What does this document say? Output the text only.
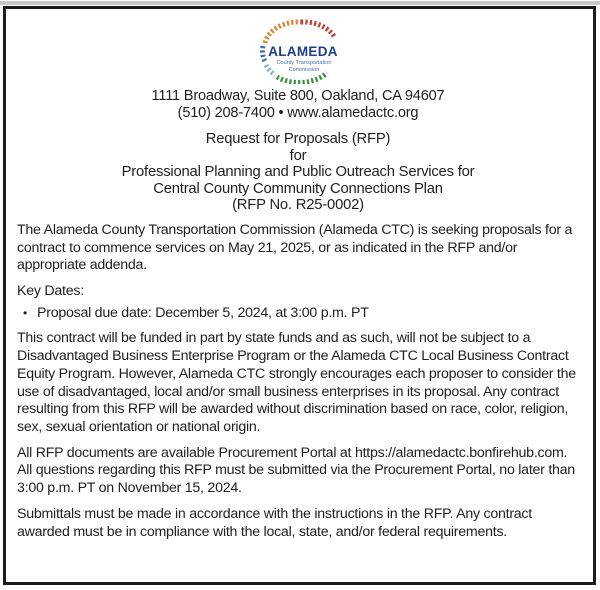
ALAMEDA
County Transportation
Commission
1111 Broadway, Suite 800, Oakland, CA 94607
(510) 208-7400 • www.alamedactc.org
Request for Proposals (RFP)
for
Professional Planning and Public Outreach Services for
Central County Community Connections Plan
(RFP No. R25-0002)
The Alameda County Transportation Commission (Alameda CTC) is seeking proposals for a contract to commence services on May 21, 2025, or as indicated in the RFP and/or appropriate addenda.
Key Dates:
• Proposal due date: December 5, 2024, at 3:00 p.m. PT
This contract will be funded in part by state funds and as such, will not be subject to a Disadvantaged Business Enterprise Program or the Alameda CTC Local Business Contract Equity Program. However, Alameda CTC strongly encourages each proposer to consider the use of disadvantaged, local and/or small business enterprises in its proposal. Any contract resulting from this RFP will be awarded without discrimination based on race, color, religion, sex, sexual orientation or national origin.
All RFP documents are available Procurement Portal at https://alamedactc.bonfirehub.com. All questions regarding this RFP must be submitted via the Procurement Portal, no later than 3:00 p.m. PT on November 15, 2024.
Submittals must be made in accordance with the instructions in the RFP. Any contract awarded must be in compliance with the local, state, and/or federal requirements.
